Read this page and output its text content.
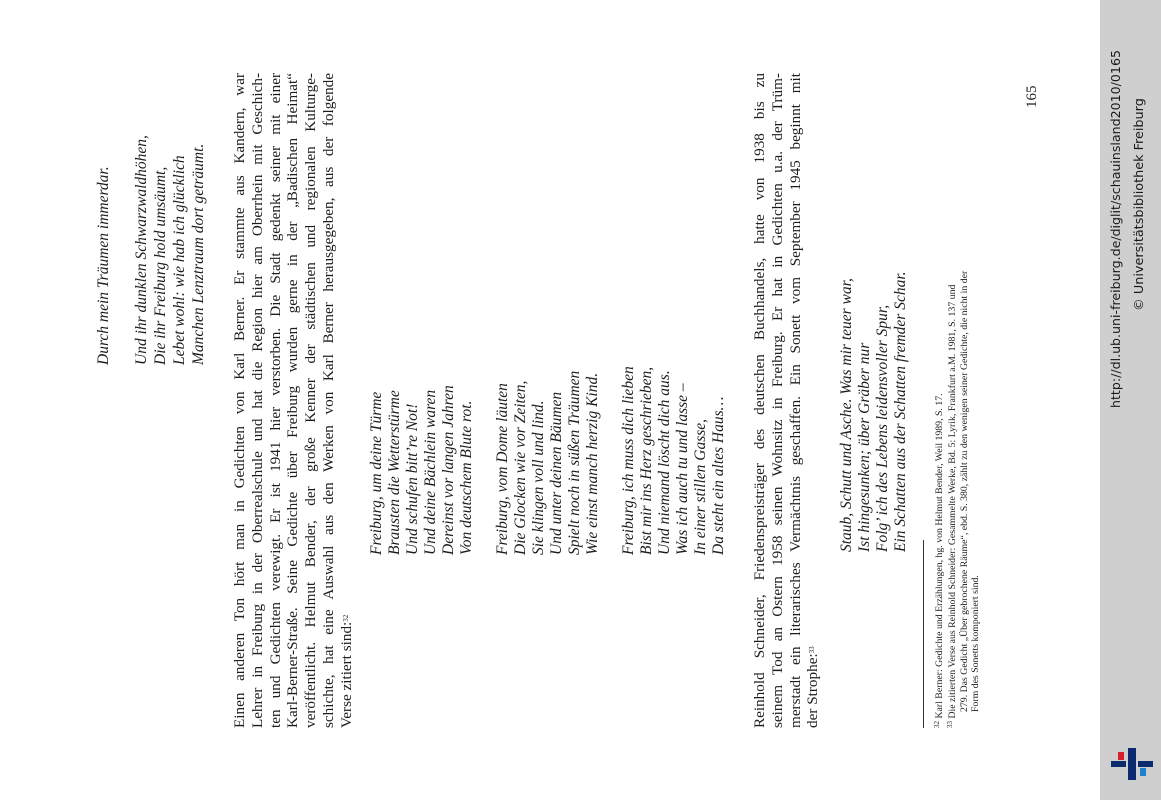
Durch mein Träumen immerdar.
Und ihr dunklen Schwarzwaldhöhen, Die ihr Freiburg hold umsäumt, Lebet wohl: wie hab ich glücklich Manchen Lenztraum dort geträumt. Einen anderen Ton hört man in Gedichten von Karl Berner. Er stammte aus Kandern, war Lehrer in Freiburg in der Oberrealschule und hat die Region hier am Oberrhein mit Geschich- ten und Gedichten verewigt. Er ist 1941 hier verstorben. Die Stadt gedenkt seiner mit einer Karl-Berner-Straße. Seine Gedichte über Freiburg wurden gerne in der „Badischen Heimat“ veröffentlicht. Helmut Bender, der große Kenner der städtischen und regionalen Kulturge- schichte, hat eine Auswahl aus den Werken von Karl Berner herausgegeben, aus der folgende Verse zitiert sind:$^{32}$
Freiburg, um deine Türme Brausten die Wetterstürme Und schufen bitt’re Not! Und deine Bächlein waren Dereinst vor langen Jahren Von deutschem Blute rot. Freiburg, vom Dome läuten Die Glocken wie vor Zeiten, Sie klingen voll und lind. Und unter deinen Bäumen Spielt noch in süßen Träumen Wie einst manch herzig Kind. Freiburg, ich muss dich lieben Bist mir ins Herz geschrieben, Und niemand löscht dich aus. Was ich auch tu und lasse – In einer stillen Gasse, Da steht ein altes Haus… Reinhold Schneider, Friedenspreisträger des deutschen Buchhandels, hatte von 1938 bis zu seinem Tod an Ostern 1958 seinen Wohnsitz in Freiburg. Er hat in Gedichten u.a. der Trüm- merstadt ein literarisches Vermächtnis geschaffen. Ein Sonett vom September 1945 beginnt mit der Strophe:$^{33}$
Staub, Schutt und Asche. Was mir teuer war, Ist hingesunken; über Gräber nur Folg’ ich des Lebens leidensvoller Spur, Ein Schatten aus der Schatten fremder Schar.
$^{32}$ Karl Berner: Gedichte und Erzählungen, hg. von Helmut Bender, Weil 1989, S. 17.
$^{33}$ Die zitierten Verse aus Reinhold Schneider: Gesammelte Werke, Bd. 5: Lyrik, Frankfurt a.M. 1981, S. 137 und 279. Das Gedicht „Über gebrochene Räume“, ebd. S. 380, zählt zu den wenigen seiner Gedichte, die nicht in der Form des Sonetts komponiert sind.
165	http://dl.ub.uni-freiburg.de/diglit/schauinsland2010/0165 © Universitätsbibliothek Freiburg
